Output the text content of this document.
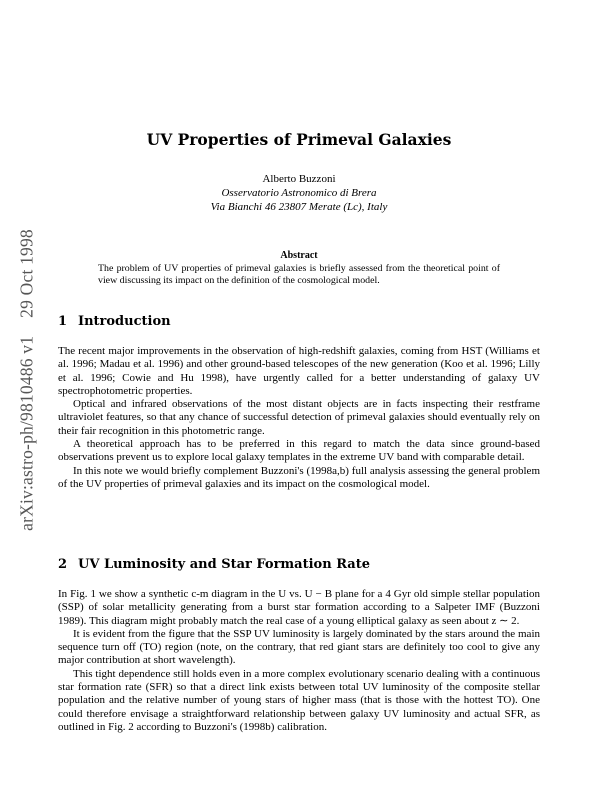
arXiv:astro-ph/9810486 v129 Oct 1998
UV Properties of Primeval Galaxies
Alberto Buzzoni
Osservatorio Astronomico di Brera
Via Bianchi 46 23807 Merate (Lc), Italy
Abstract
The problem of UV properties of primeval galaxies is briefly assessed from the theoretical point of view discussing its impact on the definition of the cosmological model.
1 Introduction

The recent major improvements in the observation of high-redshift galaxies, coming from HST (Williams et al. 1996; Madau et al. 1996) and other ground-based telescopes of the new generation (Koo et al. 1996; Lilly et al. 1996; Cowie and Hu 1998), have urgently called for a better understanding of galaxy UV spectrophotometric properties.

Optical and infrared observations of the most distant objects are in facts inspecting their restframe ultraviolet features, so that any chance of successful detection of primeval galaxies should eventually rely on their fair recognition in this photometric range.

A theoretical approach has to be preferred in this regard to match the data since ground-based observations prevent us to explore local galaxy templates in the extreme UV band with comparable detail.

In this note we would briefly complement Buzzoni's (1998a,b) full analysis assessing the general problem of the UV properties of primeval galaxies and its impact on the cosmological model.

2 UV Luminosity and Star Formation Rate

In Fig. 1 we show a synthetic c-m diagram in the U vs. U − B plane for a 4 Gyr old simple stellar population (SSP) of solar metallicity generating from a burst star formation according to a Salpeter IMF (Buzzoni 1989). This diagram might probably match the real case of a young elliptical galaxy as seen about z ∼ 2.

It is evident from the figure that the SSP UV luminosity is largely dominated by the stars around the main sequence turn off (TO) region (note, on the contrary, that red giant stars are definitely too cool to give any major contribution at short wavelength).

This tight dependence still holds even in a more complex evolutionary scenario dealing with a continuous star formation rate (SFR) so that a direct link exists between total UV luminosity of the composite stellar population and the relative number of young stars of higher mass (that is those with the hottest TO). One could therefore envisage a straightforward relationship between galaxy UV luminosity and actual SFR, as outlined in Fig. 2 according to Buzzoni's (1998b) calibration.
